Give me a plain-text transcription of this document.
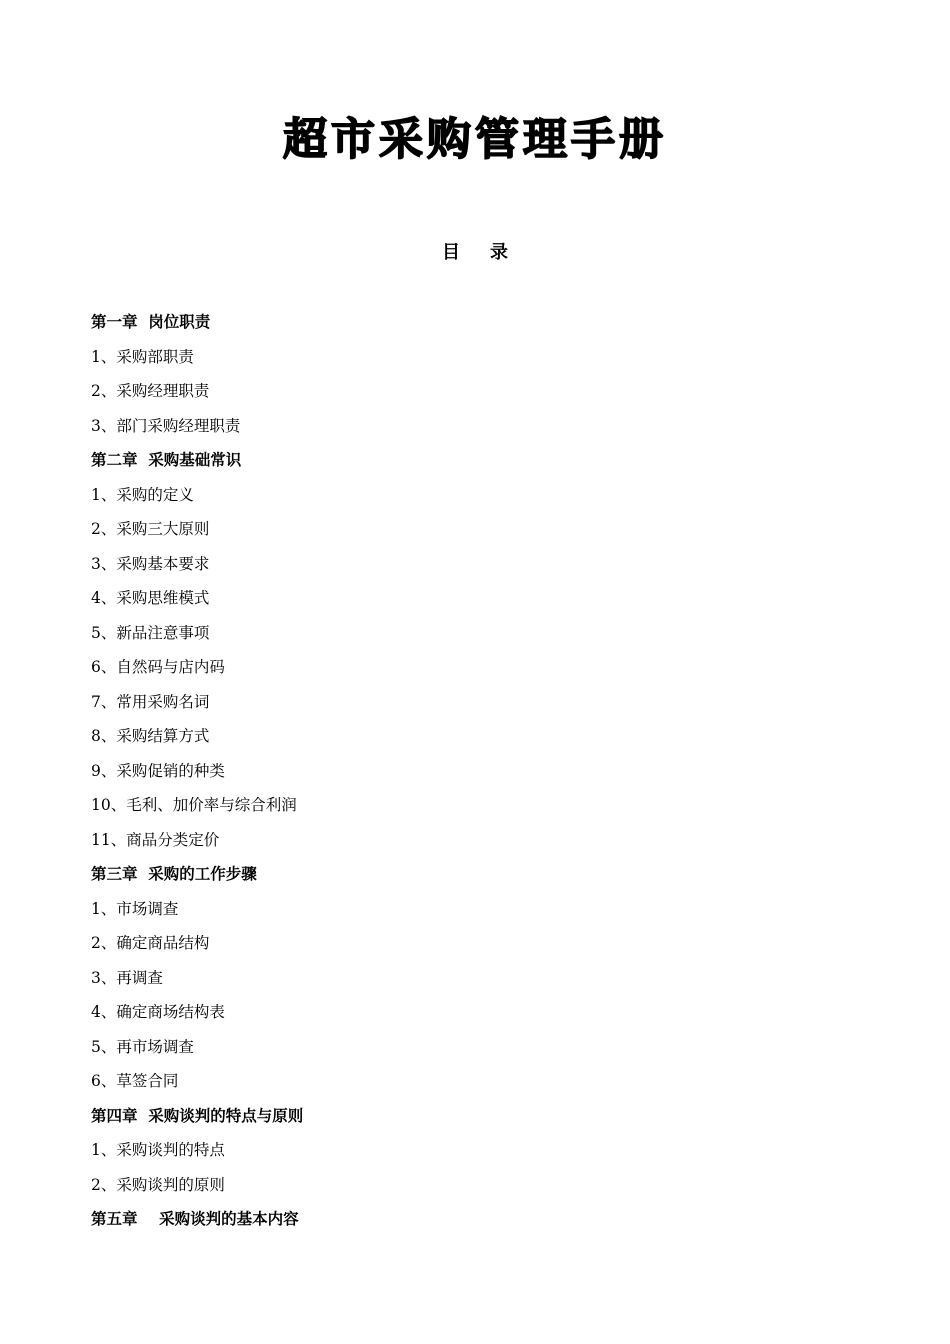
超市采购管理手册
目录
第一章  岗位职责
1、采购部职责
2、采购经理职责
3、部门采购经理职责
第二章  采购基础常识
1、采购的定义
2、采购三大原则
3、采购基本要求
4、采购思维模式
5、新品注意事项
6、自然码与店内码
7、常用采购名词
8、采购结算方式
9、采购促销的种类
10、毛利、加价率与综合利润
11、商品分类定价
第三章  采购的工作步骤
1、市场调查
2、确定商品结构
3、再调查
4、确定商场结构表
5、再市场调查
6、草签合同
第四章  采购谈判的特点与原则
1、采购谈判的特点
2、采购谈判的原则
第五章    采购谈判的基本内容
